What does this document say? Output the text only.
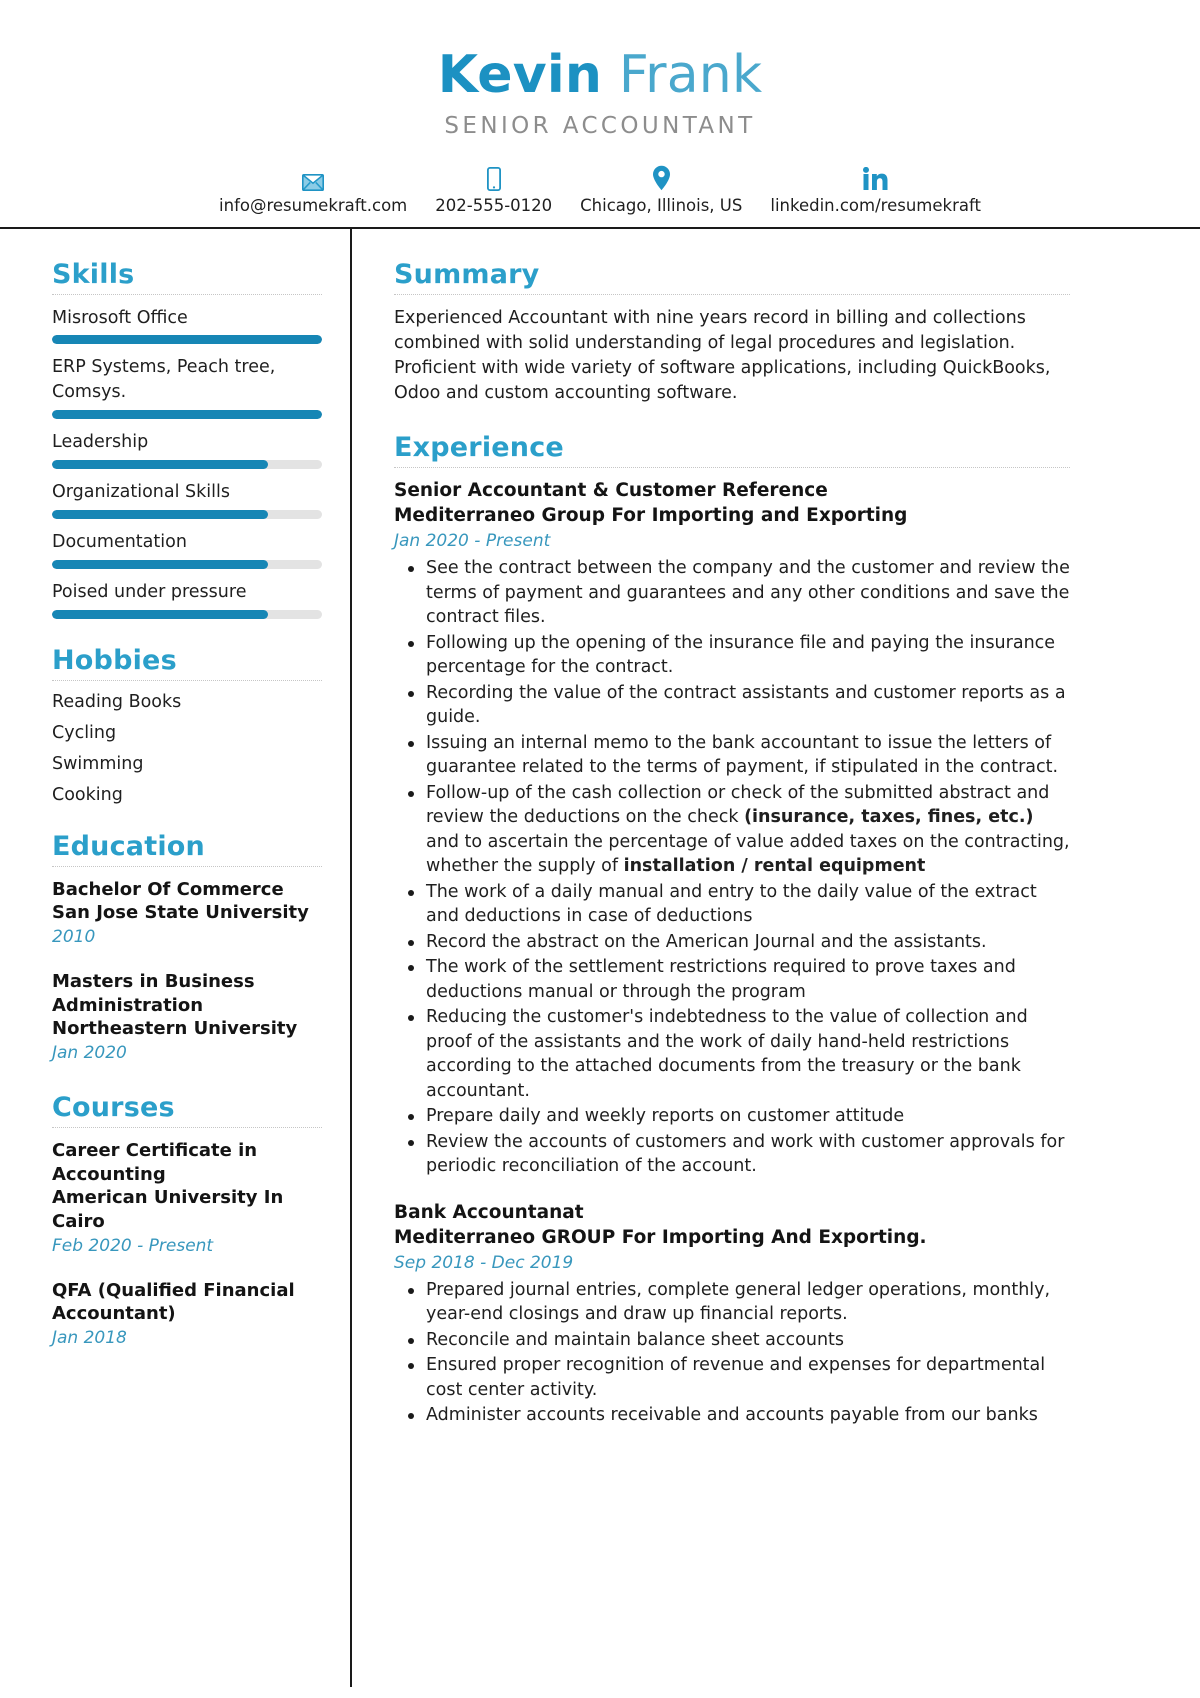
Kevin Frank
SENIOR ACCOUNTANT
info@resumekraft.com 202-555-0120 Chicago, Illinois, US linkedin.com/resumekraft
Skills
Misrosoft Office
ERP Systems, Peach tree, Comsys.
Leadership
Organizational Skills
Documentation
Poised under pressure
Hobbies
Reading Books
Cycling
Swimming
Cooking
Education
Bachelor Of Commerce
San Jose State University
2010
Masters in Business Administration
Northeastern University
Jan 2020
Courses
Career Certificate in Accounting
American University In Cairo
Feb 2020 - Present
QFA (Qualified Financial Accountant)
Jan 2018
Summary
Experienced Accountant with nine years record in billing and collections combined with solid understanding of legal procedures and legislation. Proficient with wide variety of software applications, including QuickBooks, Odoo and custom accounting software.
Experience
Senior Accountant & Customer Reference
Mediterraneo Group For Importing and Exporting
Jan 2020 - Present
See the contract between the company and the customer and review the terms of payment and guarantees and any other conditions and save the contract files.
Following up the opening of the insurance file and paying the insurance percentage for the contract.
Recording the value of the contract assistants and customer reports as a guide.
Issuing an internal memo to the bank accountant to issue the letters of guarantee related to the terms of payment, if stipulated in the contract.
Follow-up of the cash collection or check of the submitted abstract and review the deductions on the check (insurance, taxes, fines, etc.) and to ascertain the percentage of value added taxes on the contracting, whether the supply of installation / rental equipment
The work of a daily manual and entry to the daily value of the extract and deductions in case of deductions
Record the abstract on the American Journal and the assistants.
The work of the settlement restrictions required to prove taxes and deductions manual or through the program
Reducing the customer's indebtedness to the value of collection and proof of the assistants and the work of daily hand-held restrictions according to the attached documents from the treasury or the bank accountant.
Prepare daily and weekly reports on customer attitude
Review the accounts of customers and work with customer approvals for periodic reconciliation of the account.
Bank Accountanat
Mediterraneo GROUP For Importing And Exporting.
Sep 2018 - Dec 2019
Prepared journal entries, complete general ledger operations, monthly, year-end closings and draw up financial reports.
Reconcile and maintain balance sheet accounts
Ensured proper recognition of revenue and expenses for departmental cost center activity.
Administer accounts receivable and accounts payable from our banks
